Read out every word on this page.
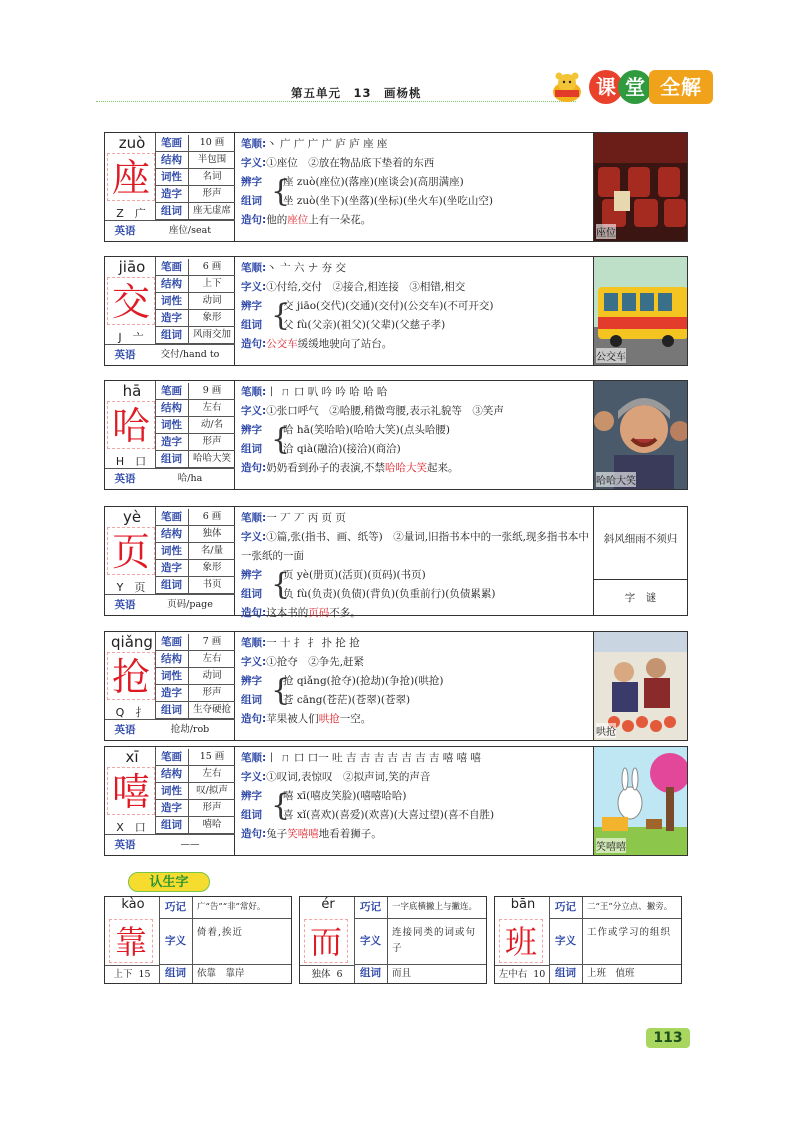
第五单元　13　画杨桃	课 堂 全解
zuò
座
Z　广
笔画	10 画
结构	半包围
词性	名词
造字	形声
组词	座无虚席
英语	座位/seat
笔顺:丶 广 广 广 广 庐 庐 座 座
字义:①座位　②放在物品底下垫着的东西
辨字
组词 {
座 zuò(座位)(落座)(座谈会)(高朋满座)
坐 zuò(坐下)(坐落)(坐标)(坐火车)(坐吃山空)
造句:他的座位上有一朵花。
座位
jiāo
交
J　亠
笔画	6 画
结构	上下
词性	动词
造字	象形
组词	风雨交加
英语	交付/hand to
笔顺:丶 亠 六 ナ 夯 交
字义:①付给,交付　②接合,相连接　③相错,相交
辨字
组词 {
交 jiāo(交代)(交通)(交付)(公交车)(不可开交)
父 fù(父亲)(祖父)(父辈)(父慈子孝)
造句:公交车缓缓地驶向了站台。
公交车
hā
哈
H　口
笔画	9 画
结构	左右
词性	动/名
造字	形声
组词	哈哈大笑
英语	哈/ha
笔顺:丨 ㄇ 口 叭 吟 吟 哈 哈 哈
字义:①张口呼气　②哈腰,稍微弯腰,表示礼貌等　③笑声
辨字
组词 {
哈 hā(笑哈哈)(哈哈大笑)(点头哈腰)
洽 qià(融洽)(接洽)(商洽)
造句:奶奶看到孙子的表演,不禁哈哈大笑起来。
哈哈大笑
yè
页
Y　页
笔画	6 画
结构	独体
词性	名/量
造字	象形
组词	书页
英语	页码/page
笔顺:一 丆 丆 丙 页 页
字义:①篇,张(指书、画、纸等)　②量词,旧指书本中的一张纸,现多指书本中一张纸的一面
辨字
组词 {
页 yè(册页)(活页)(页码)(书页)
负 fù(负责)(负债)(背负)(负重前行)(负债累累)
造句:这本书的页码不多。
斜风细雨不须归
字　谜
qiǎng
抢
Q　扌
笔画	7 画
结构	左右
词性	动词
造字	形声
组词	生夺硬抢
英语	抢劫/rob
笔顺:一 十 扌 扌 扑 抡 抢
字义:①抢夺　②争先,赶紧
辨字
组词 {
抢 qiǎng(抢夺)(抢劫)(争抢)(哄抢)
苍 cāng(苍茫)(苍翠)(苍翠)
造句:苹果被人们哄抢一空。
哄抢
xī
嘻
X　口
笔画	15 画
结构	左右
词性	叹/拟声
造字	形声
组词	嘻哈
英语	——
笔顺:丨 ㄇ 口 口一 吐 吉 吉 吉 吉 吉 吉 吉 嘻 嘻 嘻
字义:①叹词,表惊叹　②拟声词,笑的声音
辨字
组词 {
嘻 xī(嘻皮笑脸)(嘻嘻哈哈)
喜 xǐ(喜欢)(喜爱)(欢喜)(大喜过望)(喜不自胜)
造句:兔子笑嘻嘻地看着狮子。
笑嘻嘻
认生字
kào
靠
上下 15
巧记	广“告”“非”常好。
字义
倚着,挨近
组词	依靠　靠岸
ér
而
独体 6
巧记	一字底横撇上与撇连。
字义
连接同类的词或句子
组词	而且
bān
班
左中右 10
巧记	二“王”分立点、撇旁。
字义
工作或学习的组织
组词	上班　值班
113
